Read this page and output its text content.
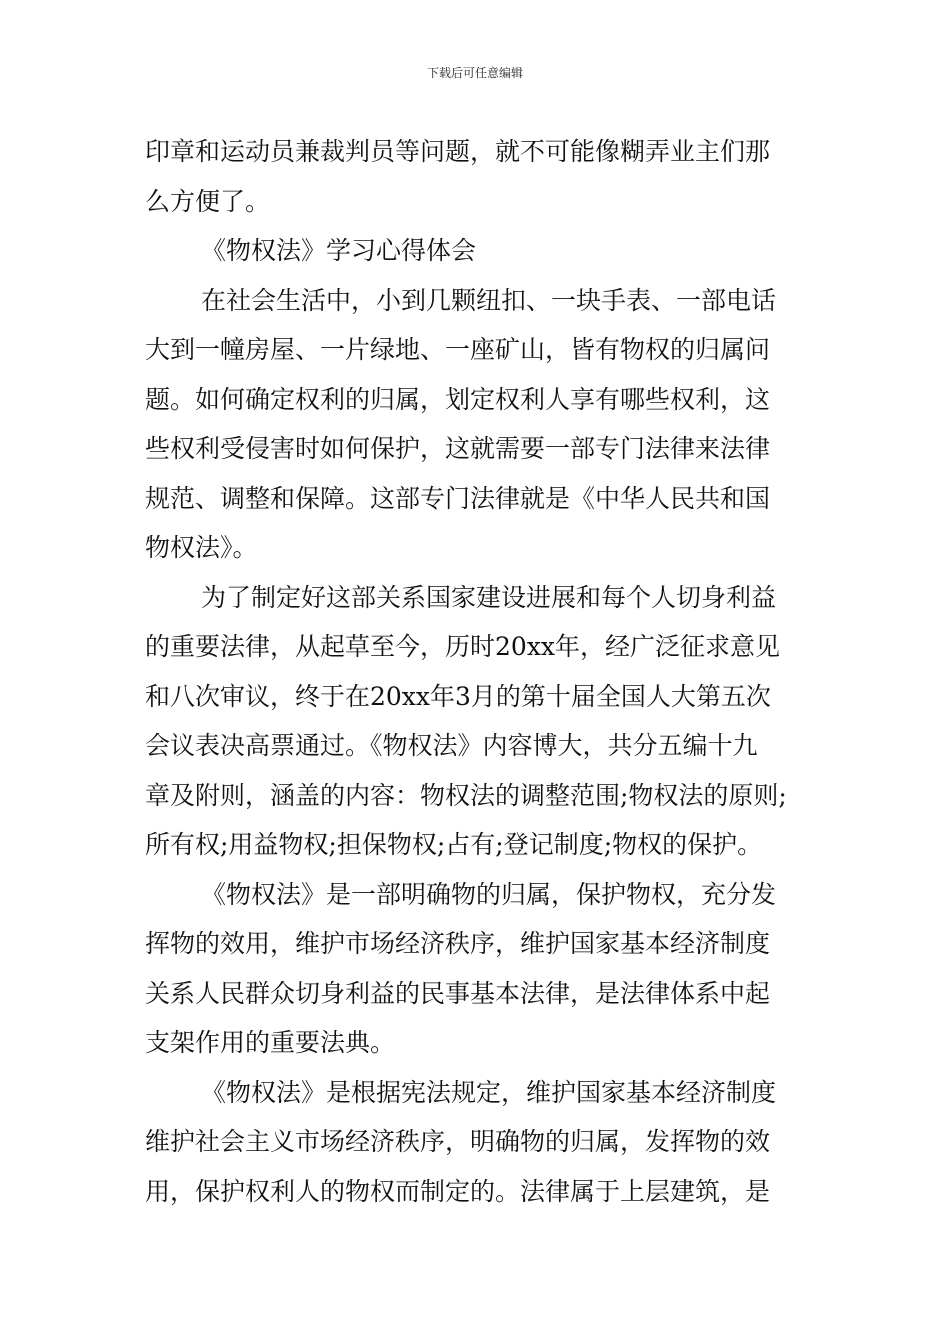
下载后可任意编辑
印章和运动员兼裁判员等问题，就不可能像糊弄业主们那
么方便了。
《物权法》学习心得体会
在社会生活中，小到几颗纽扣、一块手表、一部电话
大到一幢房屋、一片绿地、一座矿山，皆有物权的归属问
题。如何确定权利的归属，划定权利人享有哪些权利，这
些权利受侵害时如何保护，这就需要一部专门法律来法律
规范、调整和保障。这部专门法律就是《中华人民共和国
物权法》。
为了制定好这部关系国家建设进展和每个人切身利益
的重要法律，从起草至今，历时20xx年，经广泛征求意见
和八次审议，终于在20xx年3月的第十届全国人大第五次
会议表决高票通过。《物权法》内容博大，共分五编十九
章及附则，涵盖的内容：物权法的调整范围;物权法的原则;
所有权;用益物权;担保物权;占有;登记制度;物权的保护。
《物权法》是一部明确物的归属，保护物权，充分发
挥物的效用，维护市场经济秩序，维护国家基本经济制度
关系人民群众切身利益的民事基本法律，是法律体系中起
支架作用的重要法典。
《物权法》是根据宪法规定，维护国家基本经济制度
维护社会主义市场经济秩序，明确物的归属，发挥物的效
用，保护权利人的物权而制定的。法律属于上层建筑，是
